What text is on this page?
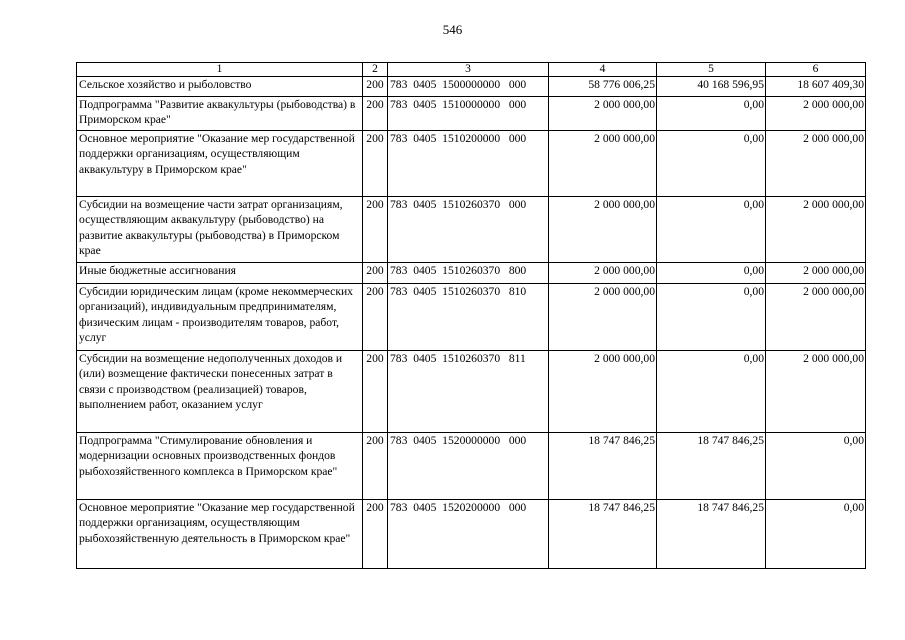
546
1	2	3	4	5	6
Сельское хозяйство и рыболовство	200	783  0405  1500000000   000	58 776 006,25	40 168 596,95	18 607 409,30
Подпрограмма "Развитие аквакультуры (рыбоводства) в Приморском крае"	200	783  0405  1510000000   000	2 000 000,00	0,00	2 000 000,00
Основное мероприятие "Оказание мер государственной поддержки организациям, осуществляющим аквакультуру в Приморском крае"	200	783  0405  1510200000   000	2 000 000,00	0,00	2 000 000,00
Субсидии на возмещение части затрат организациям, осуществляющим аквакультуру (рыбоводство) на развитие аквакультуры (рыбоводства) в Приморском крае	200	783  0405  1510260370   000	2 000 000,00	0,00	2 000 000,00
Иные бюджетные ассигнования	200	783  0405  1510260370   800	2 000 000,00	0,00	2 000 000,00
Субсидии юридическим лицам (кроме некоммерческих организаций), индивидуальным предпринимателям, физическим лицам - производителям товаров, работ, услуг	200	783  0405  1510260370   810	2 000 000,00	0,00	2 000 000,00
Субсидии на возмещение недополученных доходов и (или) возмещение фактически понесенных затрат в связи с производством (реализацией) товаров, выполнением работ, оказанием услуг	200	783  0405  1510260370   811	2 000 000,00	0,00	2 000 000,00
Подпрограмма "Стимулирование обновления и модернизации основных производственных фондов рыбохозяйственного комплекса в Приморском крае"	200	783  0405  1520000000   000	18 747 846,25	18 747 846,25	0,00
Основное мероприятие "Оказание мер государственной поддержки организациям, осуществляющим рыбохозяйственную деятельность в Приморском крае"	200	783  0405  1520200000   000	18 747 846,25	18 747 846,25	0,00
